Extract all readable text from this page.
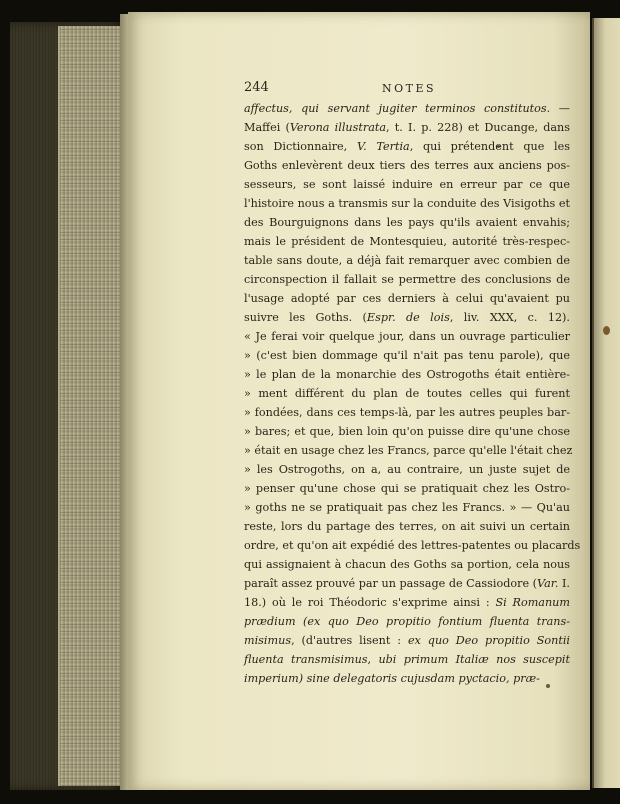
244	NOTES
affectus, qui servant jugiter terminos constitutos. —
Maffei (Verona illustrata, t. I. p. 228) et Ducange, dans
son Dictionnaire, V. Tertia, qui prétendent que les
Goths enlevèrent deux tiers des terres aux anciens pos-
sesseurs, se sont laissé induire en erreur par ce que
l'histoire nous a transmis sur la conduite des Visigoths et
des Bourguignons dans les pays qu'ils avaient envahis;
mais le président de Montesquieu, autorité très-respec-
table sans doute, a déjà fait remarquer avec combien de
circonspection il fallait se permettre des conclusions de
l'usage adopté par ces derniers à celui qu'avaient pu
suivre les Goths. (Espr. de lois, liv. XXX, c. 12).
« Je ferai voir quelque jour, dans un ouvrage particulier
» (c'est bien dommage qu'il n'ait pas tenu parole), que
» le plan de la monarchie des Ostrogoths était entière-
» ment différent du plan de toutes celles qui furent
» fondées, dans ces temps-là, par les autres peuples bar-
» bares; et que, bien loin qu'on puisse dire qu'une chose
» était en usage chez les Francs, parce qu'elle l'était chez
» les Ostrogoths, on a, au contraire, un juste sujet de
» penser qu'une chose qui se pratiquait chez les Ostro-
» goths ne se pratiquait pas chez les Francs. » — Qu'au
reste, lors du partage des terres, on ait suivi un certain
ordre, et qu'on ait expédié des lettres-patentes ou placards
qui assignaient à chacun des Goths sa portion, cela nous
paraît assez prouvé par un passage de Cassiodore (Var. I.
18.) où le roi Théodoric s'exprime ainsi : Si Romanum
prædium (ex quo Deo propitio fontium fluenta trans-
misimus, (d'autres lisent : ex quo Deo propitio Sontii
fluenta transmisimus, ubi primum Italiæ nos suscepit
imperium) sine delegatoris cujusdam pyctacio, præ-
